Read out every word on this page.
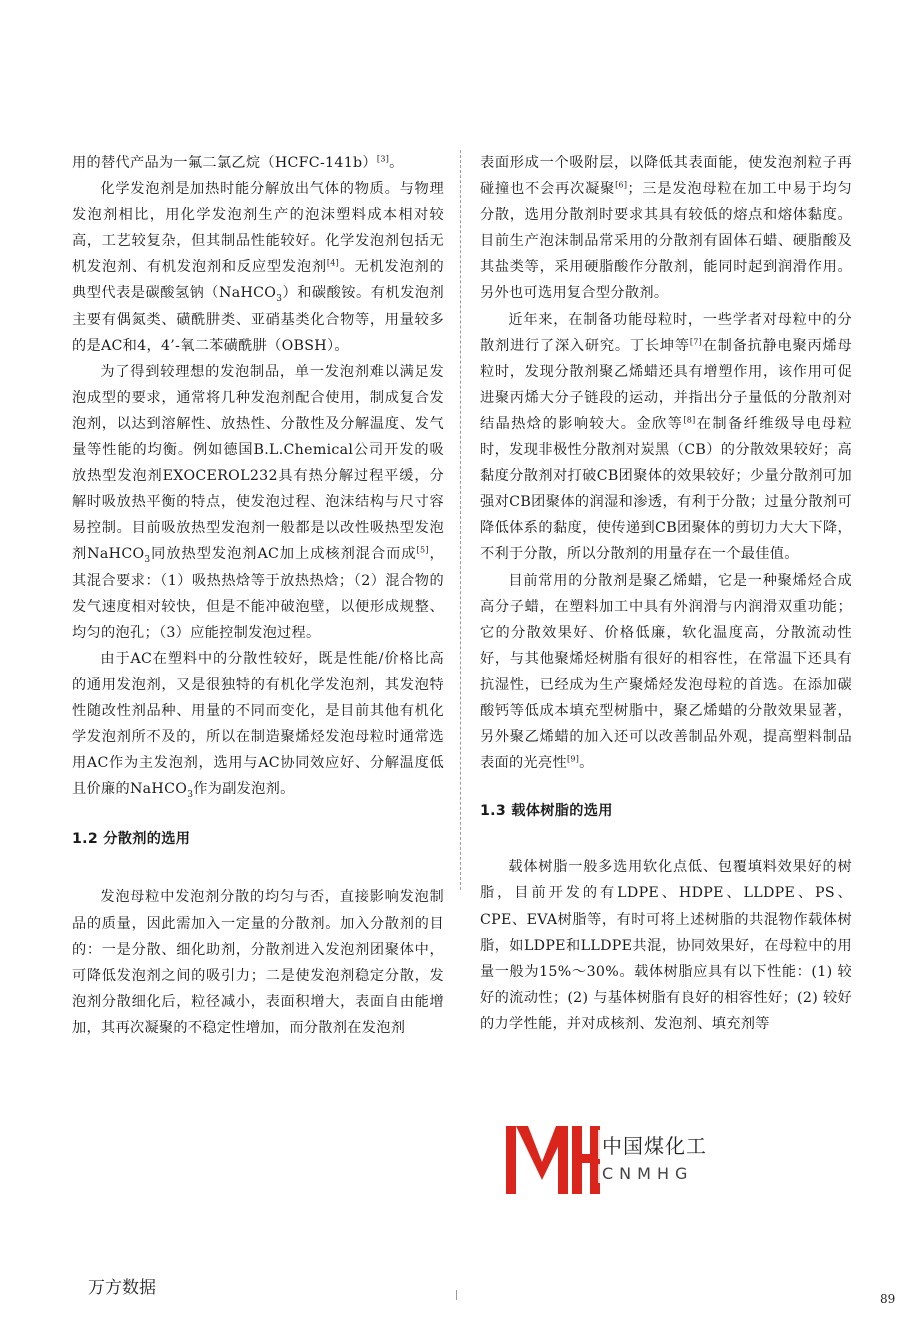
用的替代产品为一氟二氯乙烷（HCFC-141b）[3]。

化学发泡剂是加热时能分解放出气体的物质。与物理发泡剂相比，用化学发泡剂生产的泡沫塑料成本相对较高，工艺较复杂，但其制品性能较好。化学发泡剂包括无机发泡剂、有机发泡剂和反应型发泡剂[4]。无机发泡剂的典型代表是碳酸氢钠（NaHCO$_3$）和碳酸铵。有机发泡剂主要有偶氮类、磺酰肼类、亚硝基类化合物等，用量较多的是AC和4，4’-氧二苯磺酰肼（OBSH）。

为了得到较理想的发泡制品，单一发泡剂难以满足发泡成型的要求，通常将几种发泡剂配合使用，制成复合发泡剂，以达到溶解性、放热性、分散性及分解温度、发气量等性能的均衡。例如德国B.L.Chemical公司开发的吸放热型发泡剂EXOCEROL232具有热分解过程平缓，分解时吸放热平衡的特点，使发泡过程、泡沫结构与尺寸容易控制。目前吸放热型发泡剂一般都是以改性吸热型发泡剂NaHCO$_3$同放热型发泡剂AC加上成核剂混合而成[5]，其混合要求：（1）吸热热焓等于放热热焓；（2）混合物的发气速度相对较快，但是不能冲破泡壁，以便形成规整、均匀的泡孔；（3）应能控制发泡过程。

由于AC在塑料中的分散性较好，既是性能/价格比高的通用发泡剂，又是很独特的有机化学发泡剂，其发泡特性随改性剂品种、用量的不同而变化，是目前其他有机化学发泡剂所不及的，所以在制造聚烯烃发泡母粒时通常选用AC作为主发泡剂，选用与AC协同效应好、分解温度低且价廉的NaHCO$_3$作为副发泡剂。

1.2 分散剂的选用

发泡母粒中发泡剂分散的均匀与否，直接影响发泡制品的质量，因此需加入一定量的分散剂。加入分散剂的目的：一是分散、细化助剂，分散剂进入发泡剂团聚体中，可降低发泡剂之间的吸引力；二是使发泡剂稳定分散，发泡剂分散细化后，粒径减小，表面积增大，表面自由能增加，其再次凝聚的不稳定性增加，而分散剂在发泡剂

表面形成一个吸附层，以降低其表面能，使发泡剂粒子再碰撞也不会再次凝聚[6]；三是发泡母粒在加工中易于均匀分散，选用分散剂时要求其具有较低的熔点和熔体黏度。目前生产泡沫制品常采用的分散剂有固体石蜡、硬脂酸及其盐类等，采用硬脂酸作分散剂，能同时起到润滑作用。另外也可选用复合型分散剂。

近年来，在制备功能母粒时，一些学者对母粒中的分散剂进行了深入研究。丁长坤等[7]在制备抗静电聚丙烯母粒时，发现分散剂聚乙烯蜡还具有增塑作用，该作用可促进聚丙烯大分子链段的运动，并指出分子量低的分散剂对结晶热焓的影响较大。金欣等[8]在制备纤维级导电母粒时，发现非极性分散剂对炭黑（CB）的分散效果较好；高黏度分散剂对打破CB团聚体的效果较好；少量分散剂可加强对CB团聚体的润湿和渗透，有利于分散；过量分散剂可降低体系的黏度，使传递到CB团聚体的剪切力大大下降，不利于分散，所以分散剂的用量存在一个最佳值。

目前常用的分散剂是聚乙烯蜡，它是一种聚烯烃合成高分子蜡，在塑料加工中具有外润滑与内润滑双重功能；它的分散效果好、价格低廉，软化温度高，分散流动性好，与其他聚烯烃树脂有很好的相容性，在常温下还具有抗湿性，已经成为生产聚烯烃发泡母粒的首选。在添加碳酸钙等低成本填充型树脂中，聚乙烯蜡的分散效果显著，另外聚乙烯蜡的加入还可以改善制品外观，提高塑料制品表面的光亮性[9]。

1.3 载体树脂的选用

载体树脂一般多选用软化点低、包覆填料效果好的树脂，目前开发的有LDPE、HDPE、LLDPE、PS、CPE、EVA树脂等，有时可将上述树脂的共混物作载体树脂，如LDPE和LLDPE共混，协同效果好，在母粒中的用量一般为15%～30%。载体树脂应具有以下性能：(1) 较好的流动性；(2) 与基体树脂有良好的相容性好；(2) 较好的力学性能，并对成核剂、发泡剂、填充剂等

中国煤化工
CNMHG
万方数据
89
